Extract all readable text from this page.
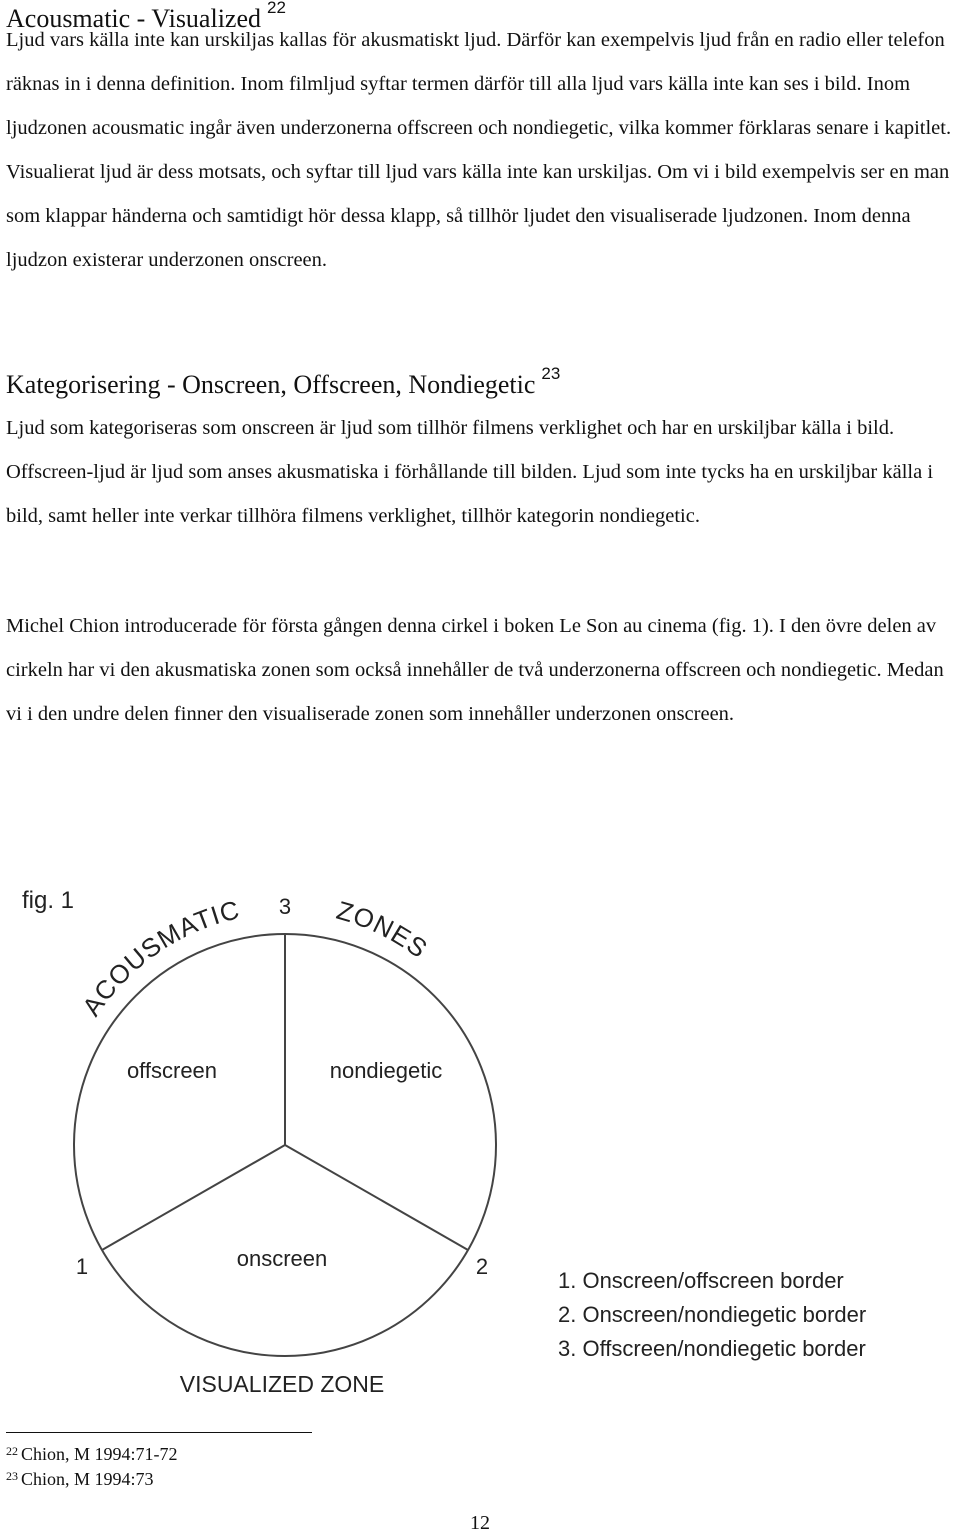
Acousmatic - Visualized $^{22}$

Ljud vars källa inte kan urskiljas kallas för akusmatiskt ljud. Därför kan exempelvis ljud från en radio eller telefon räknas in i denna definition. Inom filmljud syftar termen därför till alla ljud vars källa inte kan ses i bild. Inom ljudzonen acousmatic ingår även underzonerna offscreen och nondiegetic, vilka kommer förklaras senare i kapitlet. Visualierat ljud är dess motsats, och syftar till ljud vars källa inte kan urskiljas. Om vi i bild exempelvis ser en man som klappar händerna och samtidigt hör dessa klapp, så tillhör ljudet den visualiserade ljudzonen. Inom denna ljudzon existerar underzonen onscreen.

Kategorisering - Onscreen, Offscreen, Nondiegetic $^{23}$

Ljud som kategoriseras som onscreen är ljud som tillhör filmens verklighet och har en urskiljbar källa i bild. Offscreen-ljud är ljud som anses akusmatiska i förhållande till bilden. Ljud som inte tycks ha en urskiljbar källa i bild, samt heller inte verkar tillhöra filmens verklighet, tillhör kategorin nondiegetic.

Michel Chion introducerade för första gången denna cirkel i boken Le Son au cinema (fig. 1). I den övre delen av cirkeln har vi den akusmatiska zonen som också innehåller de två underzonerna offscreen och nondiegetic. Medan vi i den undre delen finner den visualiserade zonen som innehåller underzonen onscreen.

fig. 1
ACOUSMATIC	ZONES
3
1	2
offscreen	nondiegetic
onscreen
VISUALIZED ZONE
1. Onscreen/offscreen border
2. Onscreen/nondiegetic border
3. Offscreen/nondiegetic border
$^{22}$ Chion, M 1994:71-72
$^{23}$ Chion, M 1994:73
12
